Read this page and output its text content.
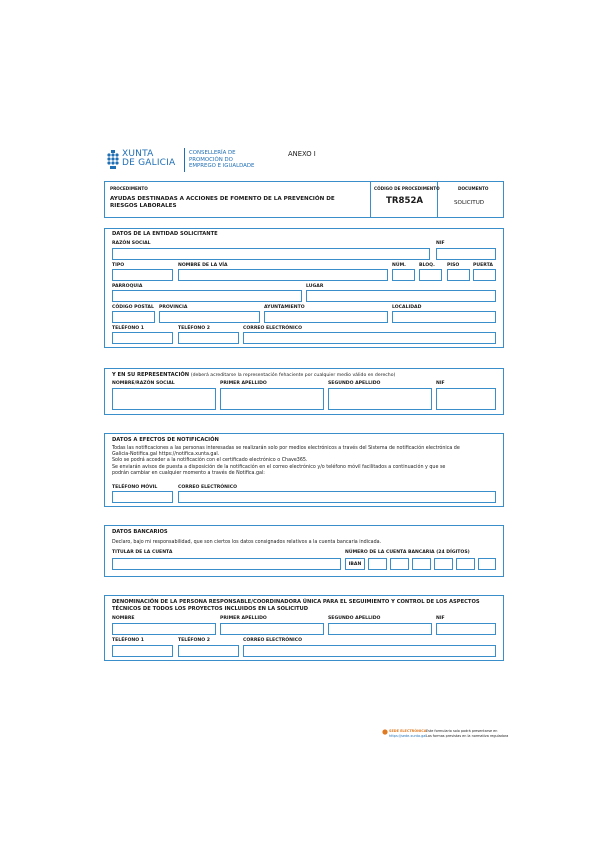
XUNTA
DE GALICIA
CONSELLERÍA DE
PROMOCIÓN DO
EMPREGO E IGUALDADE
ANEXO I
PROCEDIMENTO
AYUDAS DESTINADAS A ACCIONES DE FOMENTO DE LA PREVENCIÓN DE RIESGOS LABORALES
CÓDIGO DE PROCEDIMENTO
TR852A
DOCUMENTO
SOLICITUD
DATOS DE LA ENTIDAD SOLICITANTE
RAZÓN SOCIAL	NIF
TIPO	NOMBRE DE LA VÍA	NÚM.	BLOQ.	PISO	PUERTA
PARROQUIA	LUGAR
CÓDIGO POSTAL PROVINCIA	AYUNTAMIENTO	LOCALIDAD
TELÉFONO 1	TELÉFONO 2	CORREO ELECTRÓNICO
Y EN SU REPRESENTACIÓN (deberá acreditarse la representación fehaciente por cualquier medio válido en derecho)
NOMBRE/RAZÓN SOCIAL	PRIMER APELLIDO	SEGUNDO APELLIDO	NIF
DATOS A EFECTOS DE NOTIFICACIÓN
Todas las notificaciones a las personas interesadas se realizarán solo por medios electrónicos a través del Sistema de notificación electrónica de
Galicia-Notifica.gal https://notifica.xunta.gal.
Solo se podrá acceder a la notificación con el certificado electrónico o Chave365.
Se enviarán avisos de puesta a disposición de la notificación en el correo electrónico y/o teléfono móvil facilitados a continuación y que se
podrán cambiar en cualquier momento a través de Notifica.gal:
TELÉFONO MÓVIL	CORREO ELECTRÓNICO
DATOS BANCARIOS
Declaro, bajo mi responsabilidad, que son ciertos los datos consignados relativos a la cuenta bancaria indicada.
TITULAR DE LA CUENTA	NÚMERO DE LA CUENTA BANCARIA (24 DÍGITOS)
IBAN
DENOMINACIÓN DE LA PERSONA RESPONSABLE/COORDINADORA ÚNICA PARA EL SEGUIMIENTO Y CONTROL DE LOS ASPECTOS
TÉCNICOS DE TODOS LOS PROYECTOS INCLUIDOS EN LA SOLICITUD
NOMBRE	PRIMER APELLIDO	SEGUNDO APELLIDO	NIF
TELÉFONO 1	TELÉFONO 2	CORREO ELECTRÓNICO
SEDE ELECTRÓNICA Este formulario solo podrá presentarse en
https://sede.xunta.gal Las formas previstas en la normativa reguladora
